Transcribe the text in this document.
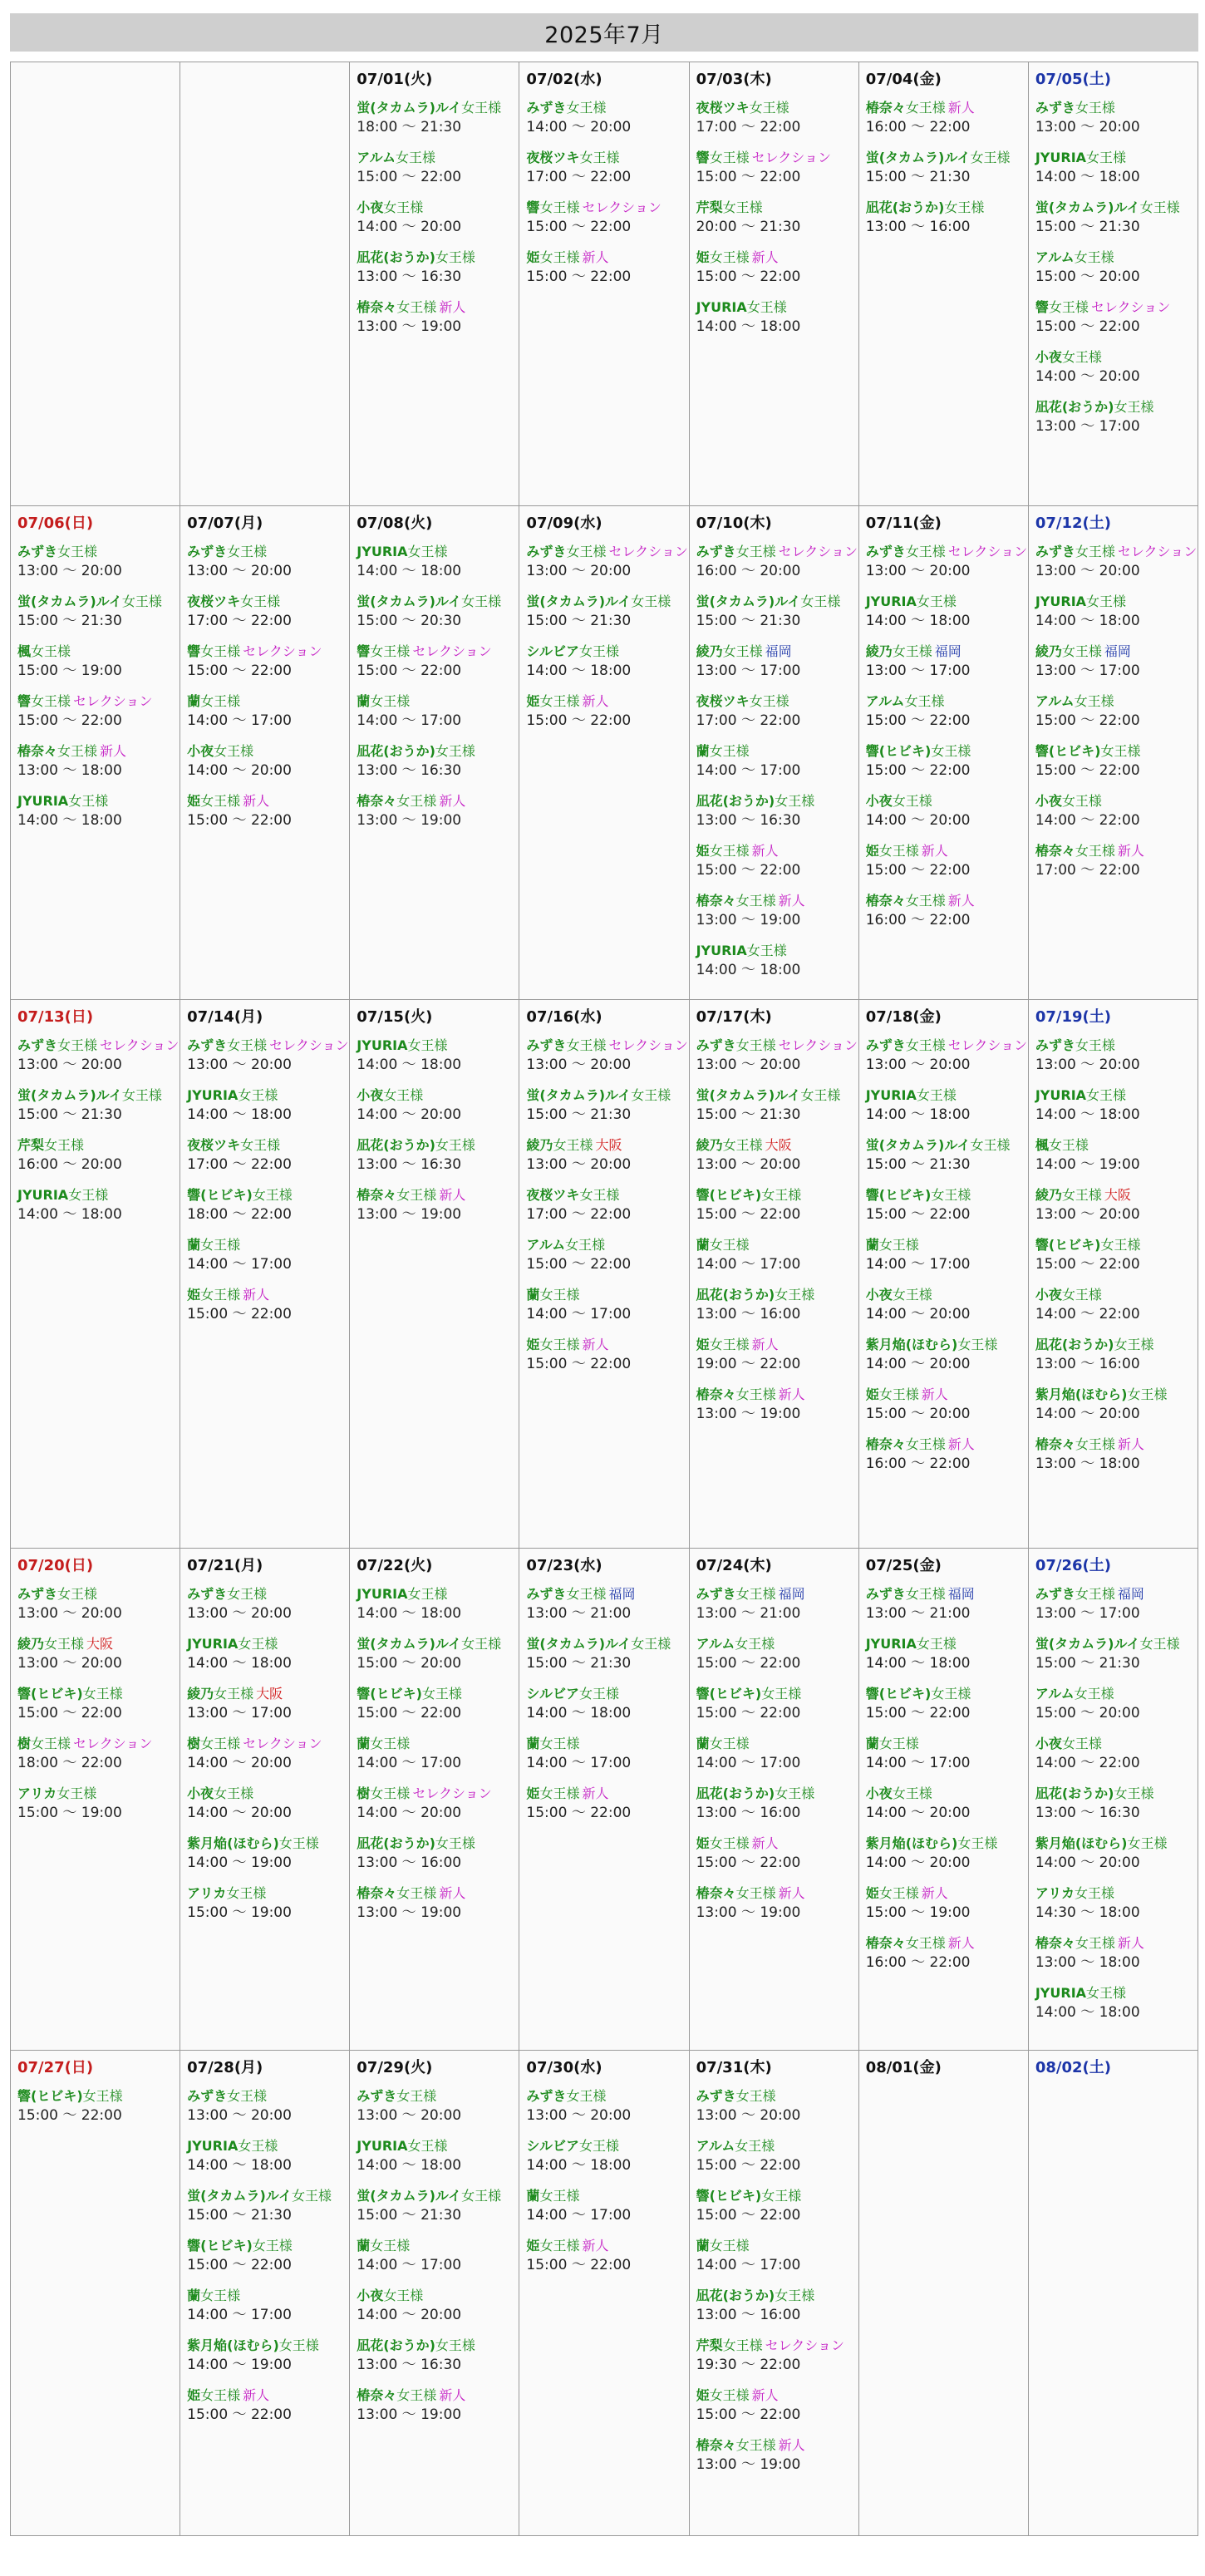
2025年7月
07/01(火)
蛍(タカムラ)ルイ女王様
18:00 ～ 21:30
アルム女王様
15:00 ～ 22:00
小夜女王様
14:00 ～ 20:00
凪花(おうか)女王様
13:00 ～ 16:30
椿奈々女王様 新人
13:00 ～ 19:00
07/02(水)
みずき女王様
14:00 ～ 20:00
夜桜ツキ女王様
17:00 ～ 22:00
響女王様 セレクション
15:00 ～ 22:00
姫女王様 新人
15:00 ～ 22:00
07/03(木)
夜桜ツキ女王様
17:00 ～ 22:00
響女王様 セレクション
15:00 ～ 22:00
芹梨女王様
20:00 ～ 21:30
姫女王様 新人
15:00 ～ 22:00
JYURIA女王様
14:00 ～ 18:00
07/04(金)
椿奈々女王様 新人
16:00 ～ 22:00
蛍(タカムラ)ルイ女王様
15:00 ～ 21:30
凪花(おうか)女王様
13:00 ～ 16:00
07/05(土)
みずき女王様
13:00 ～ 20:00
JYURIA女王様
14:00 ～ 18:00
蛍(タカムラ)ルイ女王様
15:00 ～ 21:30
アルム女王様
15:00 ～ 20:00
響女王様 セレクション
15:00 ～ 22:00
小夜女王様
14:00 ～ 20:00
凪花(おうか)女王様
13:00 ～ 17:00
07/06(日)
みずき女王様
13:00 ～ 20:00
蛍(タカムラ)ルイ女王様
15:00 ～ 21:30
楓女王様
15:00 ～ 19:00
響女王様 セレクション
15:00 ～ 22:00
椿奈々女王様 新人
13:00 ～ 18:00
JYURIA女王様
14:00 ～ 18:00
07/07(月)
みずき女王様
13:00 ～ 20:00
夜桜ツキ女王様
17:00 ～ 22:00
響女王様 セレクション
15:00 ～ 22:00
蘭女王様
14:00 ～ 17:00
小夜女王様
14:00 ～ 20:00
姫女王様 新人
15:00 ～ 22:00
07/08(火)
JYURIA女王様
14:00 ～ 18:00
蛍(タカムラ)ルイ女王様
15:00 ～ 20:30
響女王様 セレクション
15:00 ～ 22:00
蘭女王様
14:00 ～ 17:00
凪花(おうか)女王様
13:00 ～ 16:30
椿奈々女王様 新人
13:00 ～ 19:00
07/09(水)
みずき女王様 セレクション
13:00 ～ 20:00
蛍(タカムラ)ルイ女王様
15:00 ～ 21:30
シルビア女王様
14:00 ～ 18:00
姫女王様 新人
15:00 ～ 22:00
07/10(木)
みずき女王様 セレクション
16:00 ～ 20:00
蛍(タカムラ)ルイ女王様
15:00 ～ 21:30
綾乃女王様 福岡
13:00 ～ 17:00
夜桜ツキ女王様
17:00 ～ 22:00
蘭女王様
14:00 ～ 17:00
凪花(おうか)女王様
13:00 ～ 16:30
姫女王様 新人
15:00 ～ 22:00
椿奈々女王様 新人
13:00 ～ 19:00
JYURIA女王様
14:00 ～ 18:00
07/11(金)
みずき女王様 セレクション
13:00 ～ 20:00
JYURIA女王様
14:00 ～ 18:00
綾乃女王様 福岡
13:00 ～ 17:00
アルム女王様
15:00 ～ 22:00
響(ヒビキ)女王様
15:00 ～ 22:00
小夜女王様
14:00 ～ 20:00
姫女王様 新人
15:00 ～ 22:00
椿奈々女王様 新人
16:00 ～ 22:00
07/12(土)
みずき女王様 セレクション
13:00 ～ 20:00
JYURIA女王様
14:00 ～ 18:00
綾乃女王様 福岡
13:00 ～ 17:00
アルム女王様
15:00 ～ 22:00
響(ヒビキ)女王様
15:00 ～ 22:00
小夜女王様
14:00 ～ 22:00
椿奈々女王様 新人
17:00 ～ 22:00
07/13(日)
みずき女王様 セレクション
13:00 ～ 20:00
蛍(タカムラ)ルイ女王様
15:00 ～ 21:30
芹梨女王様
16:00 ～ 20:00
JYURIA女王様
14:00 ～ 18:00
07/14(月)
みずき女王様 セレクション
13:00 ～ 20:00
JYURIA女王様
14:00 ～ 18:00
夜桜ツキ女王様
17:00 ～ 22:00
響(ヒビキ)女王様
18:00 ～ 22:00
蘭女王様
14:00 ～ 17:00
姫女王様 新人
15:00 ～ 22:00
07/15(火)
JYURIA女王様
14:00 ～ 18:00
小夜女王様
14:00 ～ 20:00
凪花(おうか)女王様
13:00 ～ 16:30
椿奈々女王様 新人
13:00 ～ 19:00
07/16(水)
みずき女王様 セレクション
13:00 ～ 20:00
蛍(タカムラ)ルイ女王様
15:00 ～ 21:30
綾乃女王様 大阪
13:00 ～ 20:00
夜桜ツキ女王様
17:00 ～ 22:00
アルム女王様
15:00 ～ 22:00
蘭女王様
14:00 ～ 17:00
姫女王様 新人
15:00 ～ 22:00
07/17(木)
みずき女王様 セレクション
13:00 ～ 20:00
蛍(タカムラ)ルイ女王様
15:00 ～ 21:30
綾乃女王様 大阪
13:00 ～ 20:00
響(ヒビキ)女王様
15:00 ～ 22:00
蘭女王様
14:00 ～ 17:00
凪花(おうか)女王様
13:00 ～ 16:00
姫女王様 新人
19:00 ～ 22:00
椿奈々女王様 新人
13:00 ～ 19:00
07/18(金)
みずき女王様 セレクション
13:00 ～ 20:00
JYURIA女王様
14:00 ～ 18:00
蛍(タカムラ)ルイ女王様
15:00 ～ 21:30
響(ヒビキ)女王様
15:00 ～ 22:00
蘭女王様
14:00 ～ 17:00
小夜女王様
14:00 ～ 20:00
紫月焔(ほむら)女王様
14:00 ～ 20:00
姫女王様 新人
15:00 ～ 20:00
椿奈々女王様 新人
16:00 ～ 22:00
07/19(土)
みずき女王様
13:00 ～ 20:00
JYURIA女王様
14:00 ～ 18:00
楓女王様
14:00 ～ 19:00
綾乃女王様 大阪
13:00 ～ 20:00
響(ヒビキ)女王様
15:00 ～ 22:00
小夜女王様
14:00 ～ 22:00
凪花(おうか)女王様
13:00 ～ 16:00
紫月焔(ほむら)女王様
14:00 ～ 20:00
椿奈々女王様 新人
13:00 ～ 18:00
07/20(日)
みずき女王様
13:00 ～ 20:00
綾乃女王様 大阪
13:00 ～ 20:00
響(ヒビキ)女王様
15:00 ～ 22:00
樹女王様 セレクション
18:00 ～ 22:00
アリカ女王様
15:00 ～ 19:00
07/21(月)
みずき女王様
13:00 ～ 20:00
JYURIA女王様
14:00 ～ 18:00
綾乃女王様 大阪
13:00 ～ 17:00
樹女王様 セレクション
14:00 ～ 20:00
小夜女王様
14:00 ～ 20:00
紫月焔(ほむら)女王様
14:00 ～ 19:00
アリカ女王様
15:00 ～ 19:00
07/22(火)
JYURIA女王様
14:00 ～ 18:00
蛍(タカムラ)ルイ女王様
15:00 ～ 20:00
響(ヒビキ)女王様
15:00 ～ 22:00
蘭女王様
14:00 ～ 17:00
樹女王様 セレクション
14:00 ～ 20:00
凪花(おうか)女王様
13:00 ～ 16:00
椿奈々女王様 新人
13:00 ～ 19:00
07/23(水)
みずき女王様 福岡
13:00 ～ 21:00
蛍(タカムラ)ルイ女王様
15:00 ～ 21:30
シルビア女王様
14:00 ～ 18:00
蘭女王様
14:00 ～ 17:00
姫女王様 新人
15:00 ～ 22:00
07/24(木)
みずき女王様 福岡
13:00 ～ 21:00
アルム女王様
15:00 ～ 22:00
響(ヒビキ)女王様
15:00 ～ 22:00
蘭女王様
14:00 ～ 17:00
凪花(おうか)女王様
13:00 ～ 16:00
姫女王様 新人
15:00 ～ 22:00
椿奈々女王様 新人
13:00 ～ 19:00
07/25(金)
みずき女王様 福岡
13:00 ～ 21:00
JYURIA女王様
14:00 ～ 18:00
響(ヒビキ)女王様
15:00 ～ 22:00
蘭女王様
14:00 ～ 17:00
小夜女王様
14:00 ～ 20:00
紫月焔(ほむら)女王様
14:00 ～ 20:00
姫女王様 新人
15:00 ～ 19:00
椿奈々女王様 新人
16:00 ～ 22:00
07/26(土)
みずき女王様 福岡
13:00 ～ 17:00
蛍(タカムラ)ルイ女王様
15:00 ～ 21:30
アルム女王様
15:00 ～ 20:00
小夜女王様
14:00 ～ 22:00
凪花(おうか)女王様
13:00 ～ 16:30
紫月焔(ほむら)女王様
14:00 ～ 20:00
アリカ女王様
14:30 ～ 18:00
椿奈々女王様 新人
13:00 ～ 18:00
JYURIA女王様
14:00 ～ 18:00
07/27(日)
響(ヒビキ)女王様
15:00 ～ 22:00
07/28(月)
みずき女王様
13:00 ～ 20:00
JYURIA女王様
14:00 ～ 18:00
蛍(タカムラ)ルイ女王様
15:00 ～ 21:30
響(ヒビキ)女王様
15:00 ～ 22:00
蘭女王様
14:00 ～ 17:00
紫月焔(ほむら)女王様
14:00 ～ 19:00
姫女王様 新人
15:00 ～ 22:00
07/29(火)
みずき女王様
13:00 ～ 20:00
JYURIA女王様
14:00 ～ 18:00
蛍(タカムラ)ルイ女王様
15:00 ～ 21:30
蘭女王様
14:00 ～ 17:00
小夜女王様
14:00 ～ 20:00
凪花(おうか)女王様
13:00 ～ 16:30
椿奈々女王様 新人
13:00 ～ 19:00
07/30(水)
みずき女王様
13:00 ～ 20:00
シルビア女王様
14:00 ～ 18:00
蘭女王様
14:00 ～ 17:00
姫女王様 新人
15:00 ～ 22:00
07/31(木)
みずき女王様
13:00 ～ 20:00
アルム女王様
15:00 ～ 22:00
響(ヒビキ)女王様
15:00 ～ 22:00
蘭女王様
14:00 ～ 17:00
凪花(おうか)女王様
13:00 ～ 16:00
芹梨女王様 セレクション
19:30 ～ 22:00
姫女王様 新人
15:00 ～ 22:00
椿奈々女王様 新人
13:00 ～ 19:00
08/01(金)	08/02(土)
